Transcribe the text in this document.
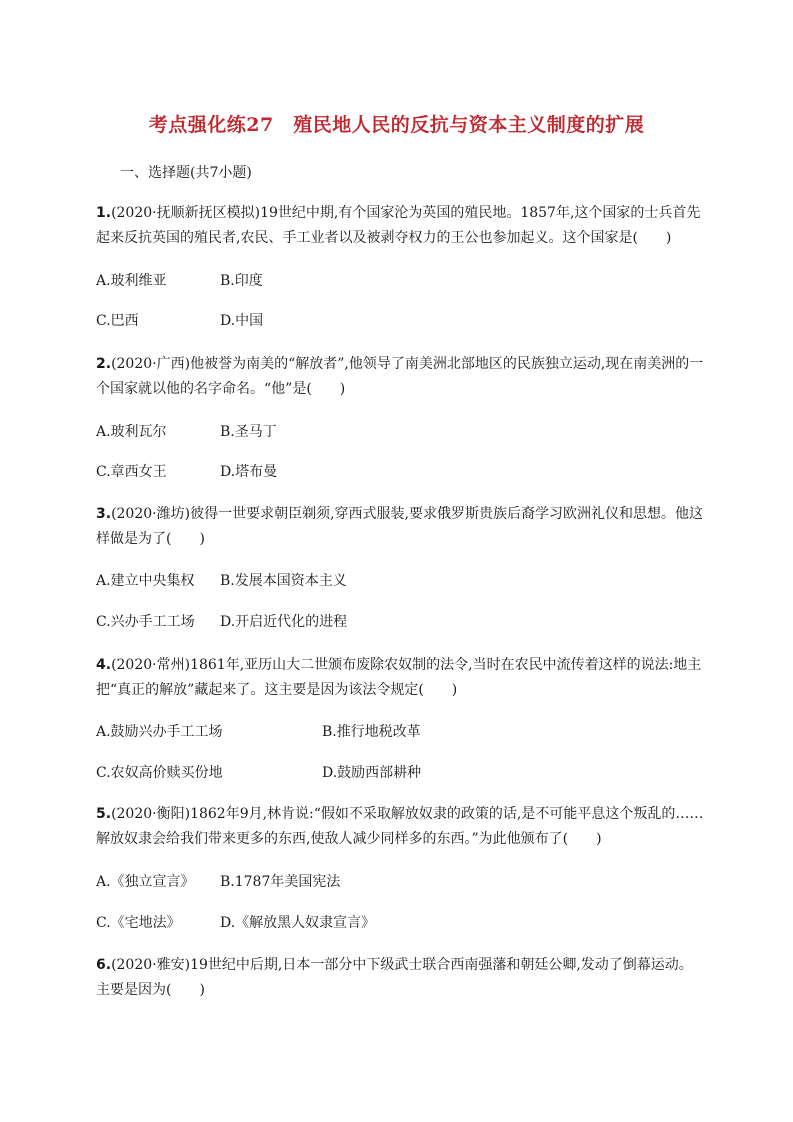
考点强化练27　殖民地人民的反抗与资本主义制度的扩展
一、选择题(共7小题)
1.(2020·抚顺新抚区模拟)19世纪中期,有个国家沦为英国的殖民地。1857年,这个国家的士兵首先起来反抗英国的殖民者,农民、手工业者以及被剥夺权力的王公也参加起义。这个国家是(　　)
A.玻利维亚	B.印度
C.巴西	D.中国
2.(2020·广西)他被誉为南美的“解放者”,他领导了南美洲北部地区的民族独立运动,现在南美洲的一个国家就以他的名字命名。“他”是(　　)
A.玻利瓦尔	B.圣马丁
C.章西女王	D.塔布曼
3.(2020·潍坊)彼得一世要求朝臣剃须,穿西式服装,要求俄罗斯贵族后裔学习欧洲礼仪和思想。他这样做是为了(　　)
A.建立中央集权 B.发展本国资本主义
C.兴办手工工场 D.开启近代化的进程
4.(2020·常州)1861年,亚历山大二世颁布废除农奴制的法令,当时在农民中流传着这样的说法:地主把“真正的解放”藏起来了。这主要是因为该法令规定(　　)
A.鼓励兴办手工工场	B.推行地税改革
C.农奴高价赎买份地	D.鼓励西部耕种
5.(2020·衡阳)1862年9月,林肯说:“假如不采取解放奴隶的政策的话,是不可能平息这个叛乱的……解放奴隶会给我们带来更多的东西,使敌人减少同样多的东西。”为此他颁布了(　　)
A.《独立宣言》 B.1787年美国宪法
C.《宅地法》	D.《解放黑人奴隶宣言》
6.(2020·雅安)19世纪中后期,日本一部分中下级武士联合西南强藩和朝廷公卿,发动了倒幕运动。主要是因为(　　)
